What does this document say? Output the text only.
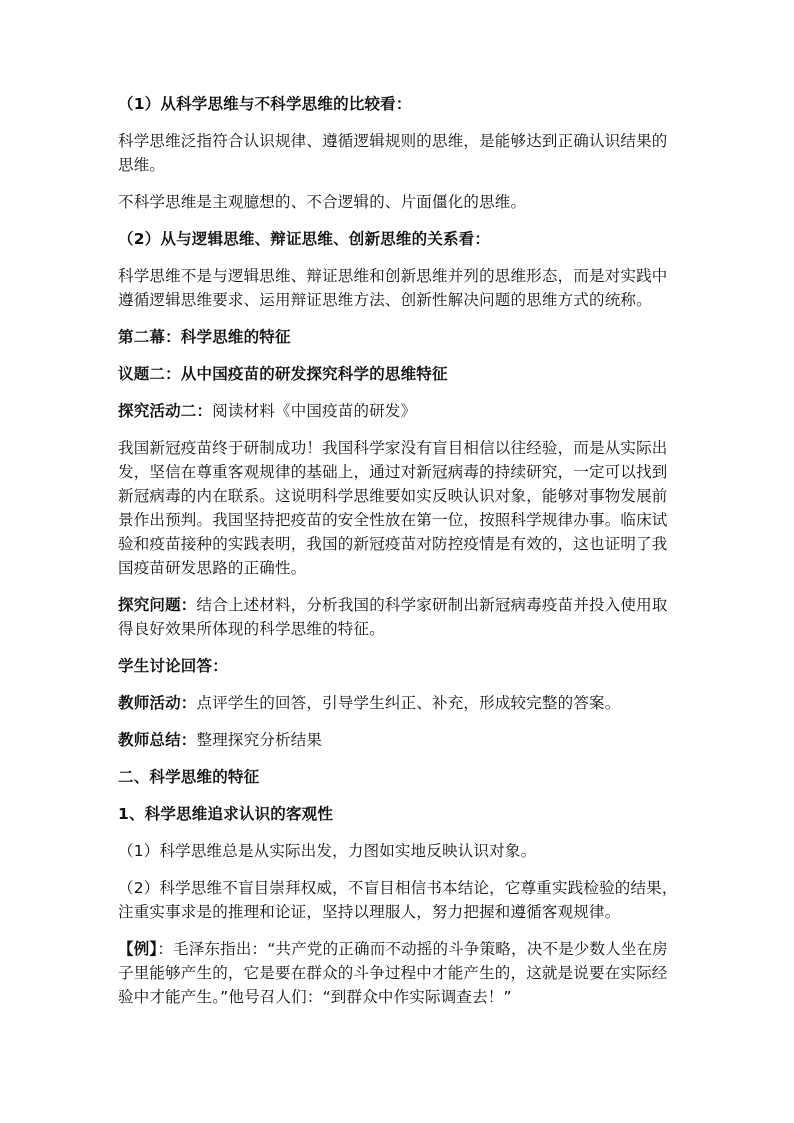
（1）从科学思维与不科学思维的比较看：

科学思维泛指符合认识规律、遵循逻辑规则的思维，是能够达到正确认识结果的思维。

不科学思维是主观臆想的、不合逻辑的、片面僵化的思维。

（2）从与逻辑思维、辩证思维、创新思维的关系看：

科学思维不是与逻辑思维、辩证思维和创新思维并列的思维形态，而是对实践中遵循逻辑思维要求、运用辩证思维方法、创新性解决问题的思维方式的统称。

第二幕：科学思维的特征

议题二：从中国疫苗的研发探究科学的思维特征

探究活动二：阅读材料《中国疫苗的研发》

我国新冠疫苗终于研制成功！我国科学家没有盲目相信以往经验，而是从实际出发，坚信在尊重客观规律的基础上，通过对新冠病毒的持续研究，一定可以找到新冠病毒的内在联系。这说明科学思维要如实反映认识对象，能够对事物发展前景作出预判。我国坚持把疫苗的安全性放在第一位，按照科学规律办事。临床试验和疫苗接种的实践表明，我国的新冠疫苗对防控疫情是有效的，这也证明了我国疫苗研发思路的正确性。

探究问题：结合上述材料，分析我国的科学家研制出新冠病毒疫苗并投入使用取得良好效果所体现的科学思维的特征。

学生讨论回答：

教师活动：点评学生的回答，引导学生纠正、补充，形成较完整的答案。

教师总结：整理探究分析结果

二、科学思维的特征

1、科学思维追求认识的客观性

（1）科学思维总是从实际出发，力图如实地反映认识对象。

（2）科学思维不盲目崇拜权威，不盲目相信书本结论，它尊重实践检验的结果，注重实事求是的推理和论证，坚持以理服人，努力把握和遵循客观规律。

【例】：毛泽东指出：“共产党的正确而不动摇的斗争策略，决不是少数人坐在房子里能够产生的，它是要在群众的斗争过程中才能产生的，这就是说要在实际经验中才能产生。”他号召人们：“到群众中作实际调查去！”
